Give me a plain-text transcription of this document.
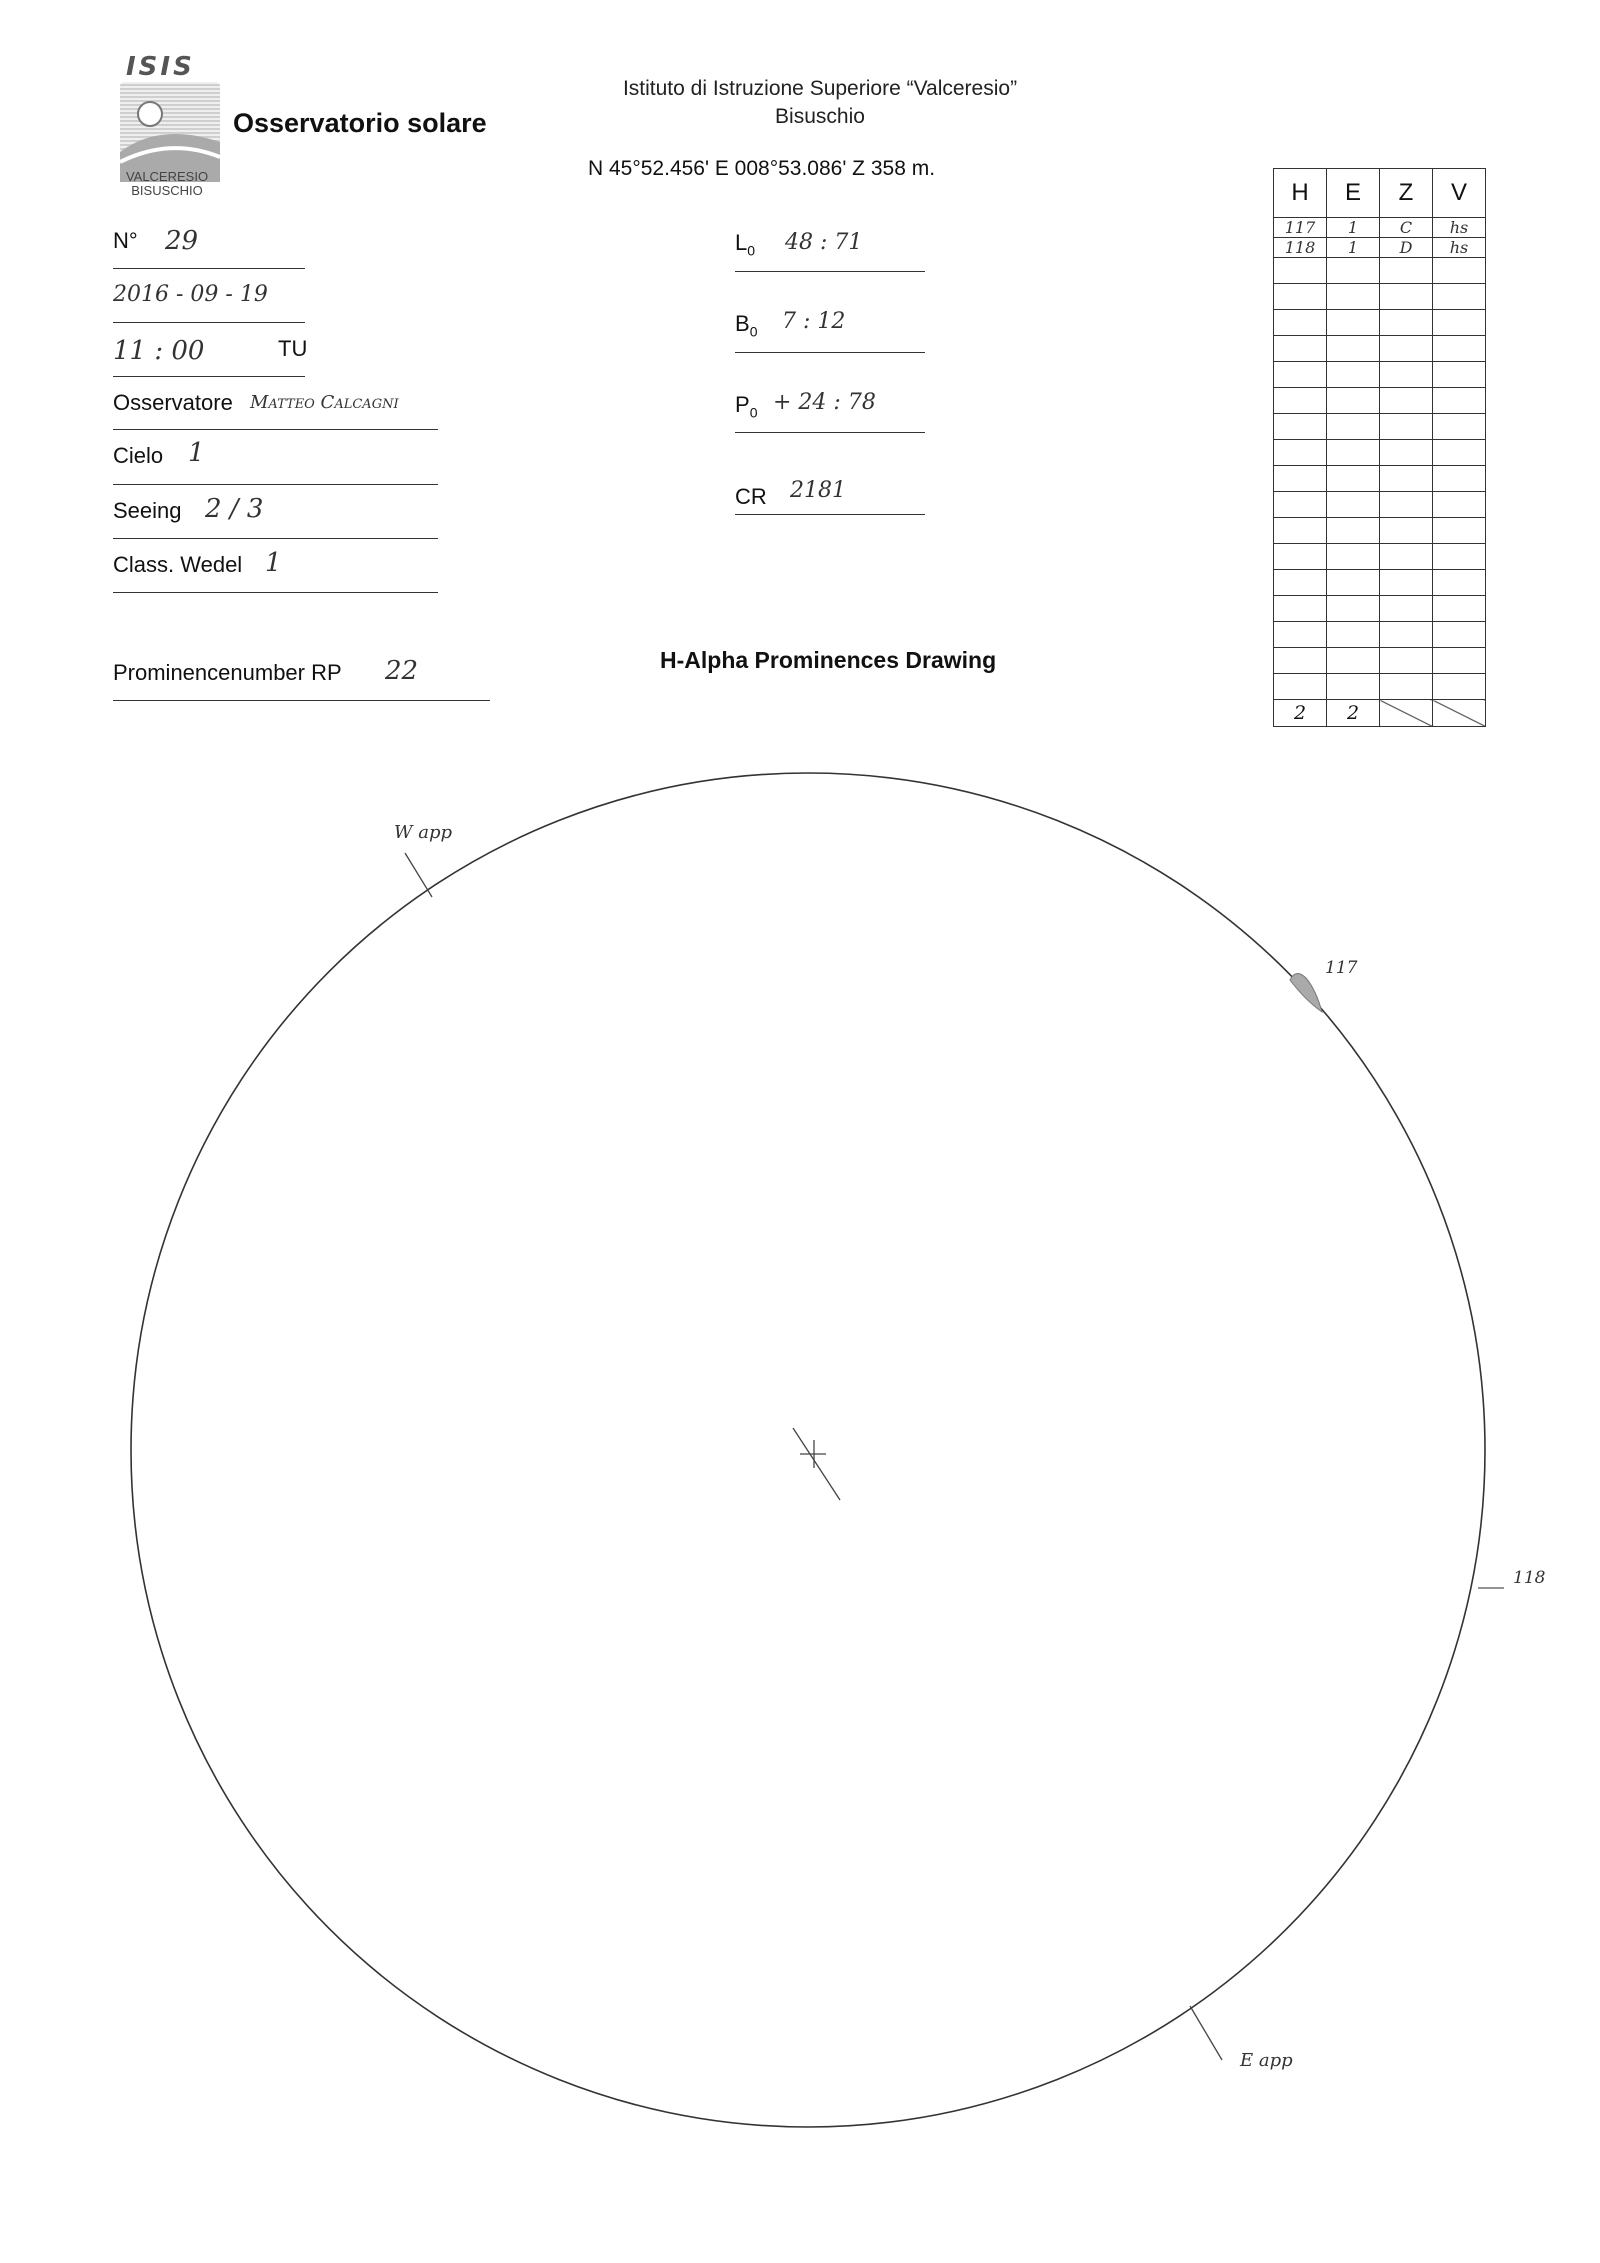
ISIS
VALCERESIO
BISUSCHIO
Osservatorio solare
Istituto di Istruzione Superiore “Valceresio”
Bisuschio
N 45°52.456' E 008°53.086' Z 358 m.
N° 29
2016 - 09 - 19
11 : 00	TU
Osservatore Matteo Calcagni
Cielo 1
Seeing 2 / 3
Class. Wedel 1
Prominencenumber RP 22
$L_0$ 48 : 71
$B_0$ 7 : 12
$P_0 + 24$ : 78
CR 2181
H	E	Z	V
117	1	C	hs
118	1	D	hs

2	2		
H-Alpha Prominences Drawing
W app
E app
117
118
